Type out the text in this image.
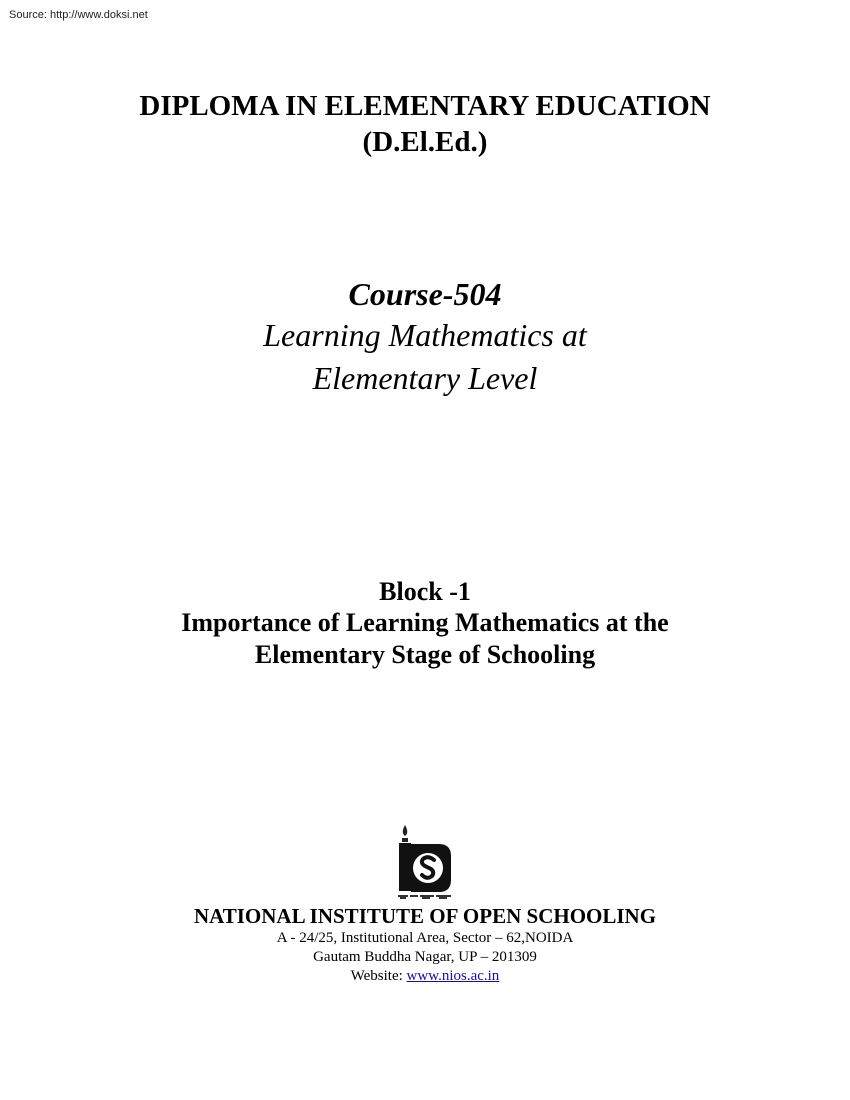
Source: http://www.doksi.net
DIPLOMA IN ELEMENTARY EDUCATION
(D.El.Ed.)
Course-504
Learning Mathematics at
Elementary Level
Block -1
Importance of Learning Mathematics at the
Elementary Stage of Schooling
NATIONAL INSTITUTE OF OPEN SCHOOLING
A - 24/25, Institutional Area, Sector – 62,NOIDA
Gautam Buddha Nagar, UP – 201309
Website: www.nios.ac.in
